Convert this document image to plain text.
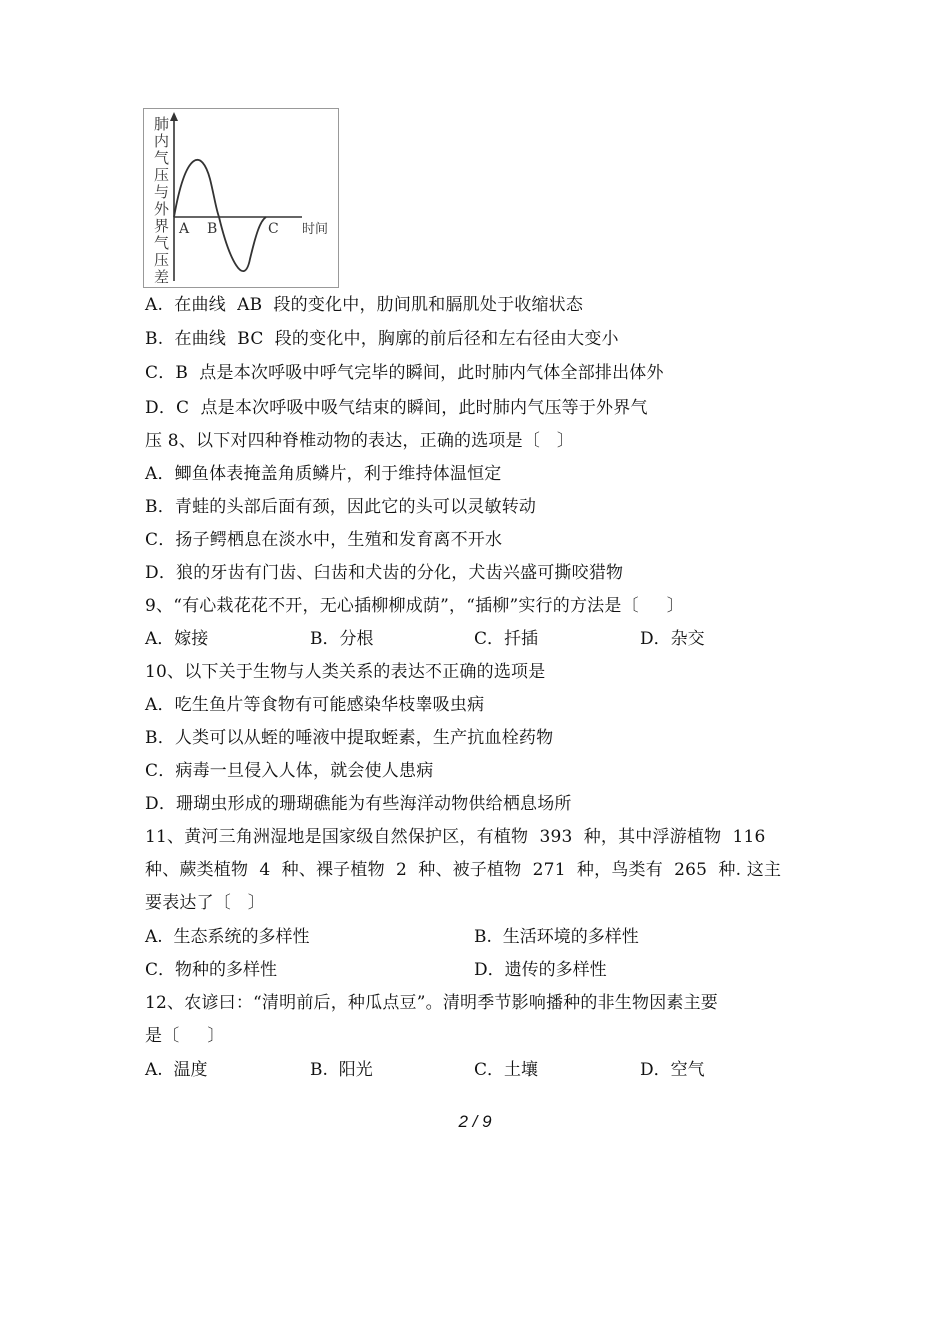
肺
内
气
压
与
外
界
气
压
差
A B	C 时间
A.  在曲线  AB  段的变化中，肋间肌和膈肌处于收缩状态
B.  在曲线  BC  段的变化中，胸廓的前后径和左右径由大变小
C．B  点是本次呼吸中呼气完毕的瞬间，此时肺内气体全部排出体外
D．C  点是本次呼吸中吸气结束的瞬间，此时肺内气压等于外界气
压 8、以下对四种脊椎动物的表达，正确的选项是〔   〕
A．鲫鱼体表掩盖角质鳞片，利于维持体温恒定
B．青蛙的头部后面有颈，因此它的头可以灵敏转动
C．扬子鳄栖息在淡水中，生殖和发育离不开水
D．狼的牙齿有门齿、臼齿和犬齿的分化，犬齿兴盛可撕咬猎物
9、“有心栽花花不开，无心插柳柳成荫”，“插柳”实行的方法是〔     〕
A．嫁接	B．分根	C．扦插	D．杂交
10、以下关于生物与人类关系的表达不正确的选项是
A．吃生鱼片等食物有可能感染华枝睾吸虫病
B．人类可以从蛭的唾液中提取蛭素，生产抗血栓药物
C．病毒一旦侵入人体，就会使人患病
D．珊瑚虫形成的珊瑚礁能为有些海洋动物供给栖息场所
11、黄河三角洲湿地是国家级自然保护区，有植物  393  种，其中浮游植物  116
种、蕨类植物  4  种、裸子植物  2  种、被子植物  271  种，鸟类有  265  种. 这主
要表达了〔   〕
A.  生态系统的多样性	B.  生活环境的多样性
C．物种的多样性	D．遗传的多样性
12、农谚曰：“清明前后，种瓜点豆”。清明季节影响播种的非生物因素主要
是〔     〕
A.  温度	B.  阳光	C．土壤	D．空气
2 / 9
